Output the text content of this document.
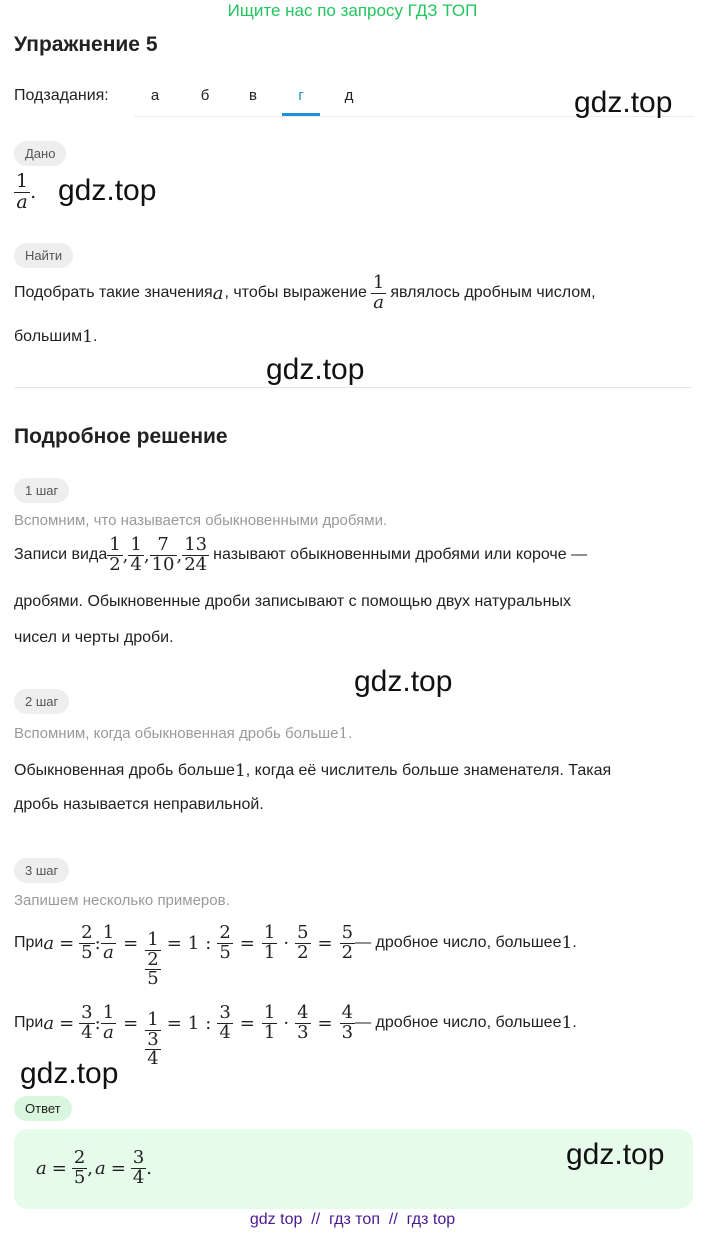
Ищите нас по запросу ГДЗ ТОП
Упражнение 5
Подзадания:	а	б	в	г	д	gdz.top
Дано
$\frac{1}{a}$ . gdz.top
Найти
Подобрать такие значения a , чтобы выражение $\frac{1}{a}$ являлось дробным числом,
большим 1 .
gdz.top
Подробное решение
1 шаг
Вспомним, что называется обыкновенными дробями.
Записи вида $\frac{1}{2}$ , $\frac{1}{4}$ , $\frac{7}{10}$ , $\frac{13}{24}$ называют обыкновенными дробями или короче —
дробями. Обыкновенные дроби записывают с помощью двух натуральных
чисел и черты дроби.
gdz.top
2 шаг
Вспомним, когда обыкновенная дробь больше 1 .
Обыкновенная дробь больше 1 , когда её числитель больше знаменателя. Такая
дробь называется неправильной.
3 шаг
Запишем несколько примеров.
При $a = \frac{2}{5}$ : $\frac{1}{a} = \frac{1}{\frac{2}{5}} = 1$ : $\frac{2}{5} = \frac{1}{1} \cdot \frac{5}{2} = \frac{5}{2}$ — дробное число, большее 1 .
При $a = \frac{3}{4}$ : $\frac{1}{a} = \frac{1}{\frac{3}{4}} = 1$ : $\frac{3}{4} = \frac{1}{1} \cdot \frac{4}{3} = \frac{4}{3}$ — дробное число, большее 1 .
gdz.top
Ответ
$a = \frac{2}{5}$ , $a = \frac{3}{4}$ .	gdz.top
gdz top  //  гдз топ  //  гдз top
